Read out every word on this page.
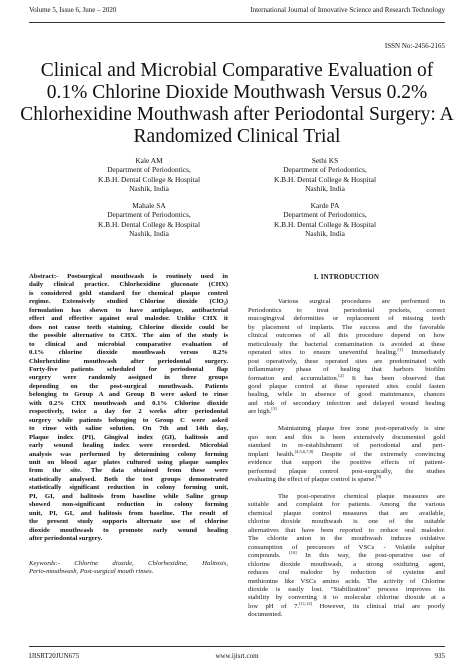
Volume 5, Issue 6, June – 2020	International Journal of Innovative Science and Research Technology
ISSN No:-2456-2165
Clinical and Microbial Comparative Evaluation of 0.1% Chlorine Dioxide Mouthwash Versus 0.2% Chlorhexidine Mouthwash after Periodontal Surgery: A Randomized Clinical Trial
Kale AM
Department of Periodontics,
K.B.H. Dental College & Hospital
Nashik, India
Sethi KS
Department of Periodontics,
K.B.H. Dental College & Hospital
Nashik, India
Mahale SA
Department of Periodontics,
K.B.H. Dental College & Hospital
Nashik, India
Karde PA
Department of Periodontics,
K.B.H. Dental College & Hospital
Nashik, India

Abstract:- Postsurgical mouthwash is routinely used in
daily clinical practice. Chlorhexidine gluconate (CHX)
is considered gold standard for chemical plaque control
regime. Extensively studied Chlorine dioxide (ClO₂)
formulation has shown to have antiplaque, antibacterial
effect and effective against oral malodor. Unlike CHX it
does not cause teeth staining. Chlorine dioxide could be
the possible alternative to CHX. The aim of the study is
to clinical and microbial comparative evaluation of
0.1% chlorine dioxide mouthwash versus 0.2%
Chlorhexidine mouthwash after periodontal surgery.
Forty-five patients scheduled for periodontal flap
surgery were randomly assigned in three groups
depending on the post-surgical mouthwash. Patients
belonging to Group A and Group B were asked to rinse
with 0.2% CHX mouthwash and 0.1% Chlorine dioxide
respectively, twice a day for 2 weeks after periodontal
surgery while patients belonging to Group C were asked
to rinse with saline solution. On 7th and 14th day,
Plaque index (PI), Gingival index (GI), halitosis and
early wound healing index were recorded. Microbial
analysis was performed by determining colony forming
unit on blood agar plates cultured using plaque samples
from the site. The data obtained from these were
statistically analysed. Both the test groups demonstrated
statistically significant reduction in colony forming unit,
PI, GI, and halitosis from baseline while Saline group
showed non-significant reduction in colony forming
unit, PI, GI, and halitosis from baseline. The result of
the present study supports alternate use of chlorine
dioxide mouthwash to promote early wound healing
after periodontal surgery.

Keywords:- Chlorine dioxide, Chlorhexidine, Halitosis,
Perio-mouthwash, Post-surgical mouth rinses.

I. INTRODUCTION

Various surgical procedures are performed in
Periodontics to treat periodontal pockets, correct
mucogingival deformities or replacement of missing teeth
by placement of implants. The success and the favorable
clinical outcomes of all this procedure depend on how
meticulously the bacterial contamination is avoided at these
operated sites to ensure uneventful healing.[1] Immediately
post operatively, these operated sites are predominated with
inflammatory phase of healing that harbors biofilm
formation and accumulation.[2] It has been observed that
good plaque control at these operated sites could fasten
healing, while in absence of good maintenance, chances
and risk of secondary infection and delayed wound healing
are high.[3]

Maintaining plaque free zone post-operatively is sine
quo non and this is been extensively documented gold
standard in re-establishment of periodontal and peri-
implant health.[4,5,6,7,8] Despite of the extremely convincing
evidence that support the positive effects of patient-
performed plaque control post-surgically, the studies
evaluating the effect of plaque control is sparse.[9]

The post-operative chemical plaque measures are
suitable and complaint for patients. Among the various
chemical plaque control measures that are available,
chlorine dioxide mouthwash is one of the suitable
alternatives that have been reported to reduce oral malodor.
The chlorite anion in the mouthwash induces oxidative
consumption of precursors of VSCs - Volatile sulphur
compounds. [10] In this way, the post-operative use of
chlorine dioxide mouthwash, a strong oxidizing agent,
reduces oral malodor by reduction of cysteine and
methionine like VSCs amino acids. The activity of Chlorine
dioxide is easily lost. "Stabilization" process improves its
stability by converting it to molecular chlorine dioxide at a
low pH of 7.[11,12] However, its clinical trial are poorly
documented.

IJISRT20JUN675	www.ijisrt.com	935
